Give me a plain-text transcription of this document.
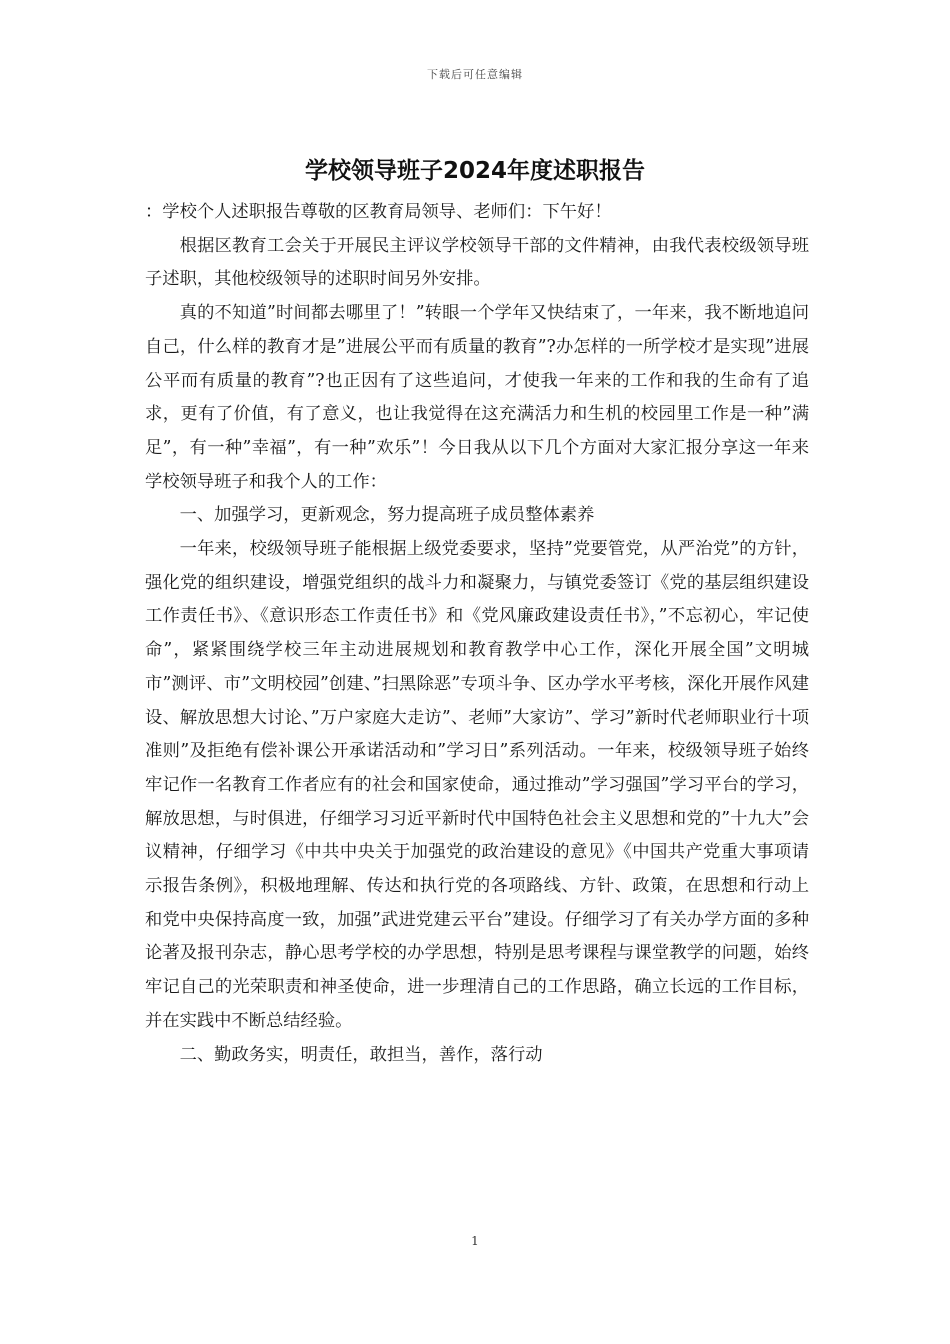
下载后可任意编辑
学校领导班子2024年度述职报告

：学校个人述职报告尊敬的区教育局领导、老师们：下午好！

根据区教育工会关于开展民主评议学校领导干部的文件精神，由我代表校级领导班子述职，其他校级领导的述职时间另外安排。

真的不知道”时间都去哪里了！”转眼一个学年又快结束了，一年来，我不断地追问自己，什么样的教育才是”进展公平而有质量的教育”?办怎样的一所学校才是实现”进展公平而有质量的教育”?也正因有了这些追问，才使我一年来的工作和我的生命有了追求，更有了价值，有了意义，也让我觉得在这充满活力和生机的校园里工作是一种”满足”，有一种”幸福”，有一种”欢乐”！今日我从以下几个方面对大家汇报分享这一年来学校领导班子和我个人的工作：

一、加强学习，更新观念，努力提高班子成员整体素养

一年来，校级领导班子能根据上级党委要求，坚持”党要管党，从严治党”的方针，强化党的组织建设，增强党组织的战斗力和凝聚力，与镇党委签订《党的基层组织建设工作责任书》、《意识形态工作责任书》和《党风廉政建设责任书》，”不忘初心，牢记使命”，紧紧围绕学校三年主动进展规划和教育教学中心工作，深化开展全国”文明城市”测评、市”文明校园”创建、”扫黑除恶”专项斗争、区办学水平考核，深化开展作风建设、解放思想大讨论、”万户家庭大走访”、老师”大家访”、学习”新时代老师职业行十项准则”及拒绝有偿补课公开承诺活动和”学习日”系列活动。一年来，校级领导班子始终牢记作一名教育工作者应有的社会和国家使命，通过推动”学习强国”学习平台的学习，解放思想，与时俱进，仔细学习习近平新时代中国特色社会主义思想和党的”十九大”会议精神，仔细学习《中共中央关于加强党的政治建设的意见》《中国共产党重大事项请示报告条例》，积极地理解、传达和执行党的各项路线、方针、政策，在思想和行动上和党中央保持高度一致，加强”武进党建云平台”建设。仔细学习了有关办学方面的多种论著及报刊杂志，静心思考学校的办学思想，特别是思考课程与课堂教学的问题，始终牢记自己的光荣职责和神圣使命，进一步理清自己的工作思路，确立长远的工作目标，并在实践中不断总结经验。

二、勤政务实，明责任，敢担当，善作，落行动

1
